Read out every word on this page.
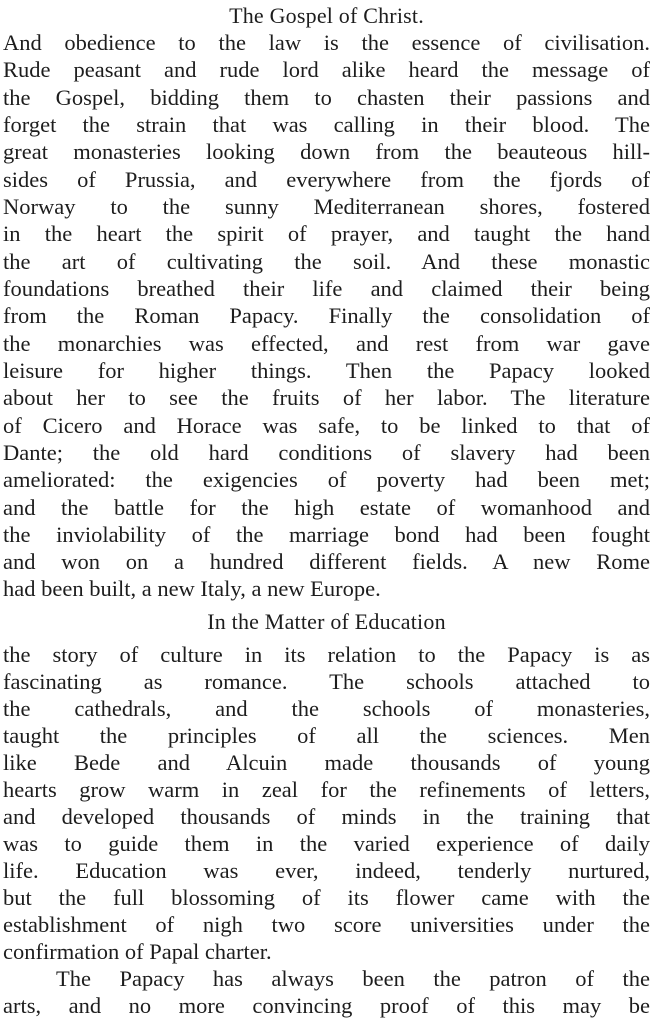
The Gospel of Christ.
And obedience to the law is the essence of civilisation.
Rude peasant and rude lord alike heard the message of
the Gospel, bidding them to chasten their passions and
forget the strain that was calling in their blood. The
great monasteries looking down from the beauteous hill-
sides of Prussia, and everywhere from the fjords of
Norway to the sunny Mediterranean shores, fostered
in the heart the spirit of prayer, and taught the hand
the art of cultivating the soil. And these monastic
foundations breathed their life and claimed their being
from the Roman Papacy. Finally the consolidation of
the monarchies was effected, and rest from war gave
leisure for higher things. Then the Papacy looked
about her to see the fruits of her labor. The literature
of Cicero and Horace was safe, to be linked to that of
Dante; the old hard conditions of slavery had been
ameliorated: the exigencies of poverty had been met;
and the battle for the high estate of womanhood and
the inviolability of the marriage bond had been fought
and won on a hundred different fields. A new Rome
had been built, a new Italy, a new Europe.
In the Matter of Education
the story of culture in its relation to the Papacy is as
fascinating as romance. The schools attached to
the cathedrals, and the schools of monasteries,
taught the principles of all the sciences. Men
like Bede and Alcuin made thousands of young
hearts grow warm in zeal for the refinements of letters,
and developed thousands of minds in the training that
was to guide them in the varied experience of daily
life. Education was ever, indeed, tenderly nurtured,
but the full blossoming of its flower came with the
establishment of nigh two score universities under the
confirmation of Papal charter.
The Papacy has always been the patron of the
arts, and no more convincing proof of this may be
